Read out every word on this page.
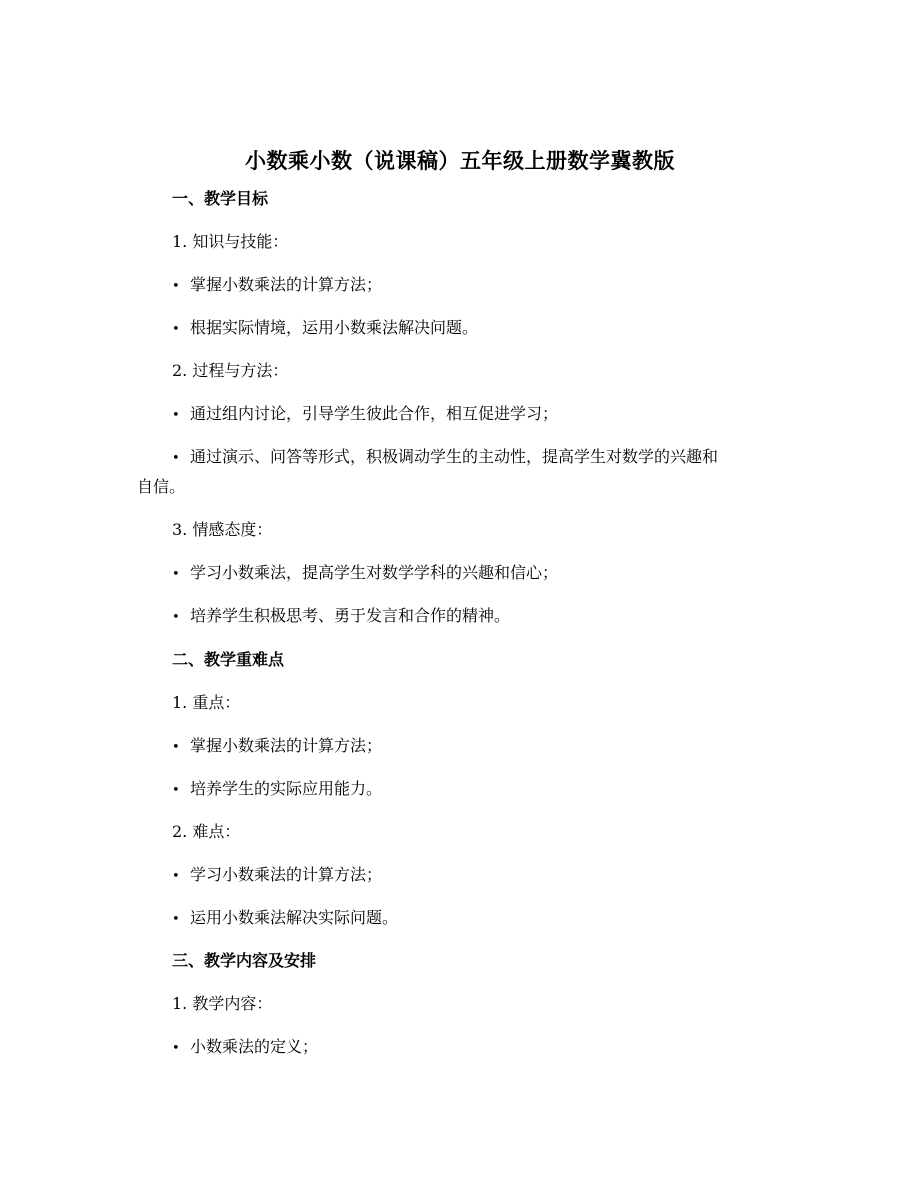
小数乘小数（说课稿）五年级上册数学冀教版
一、教学目标
1. 知识与技能：
• 掌握小数乘法的计算方法；
• 根据实际情境，运用小数乘法解决问题。
2. 过程与方法：
• 通过组内讨论，引导学生彼此合作，相互促进学习；
• 通过演示、问答等形式，积极调动学生的主动性，提高学生对数学的兴趣和
自信。
3. 情感态度：
• 学习小数乘法，提高学生对数学学科的兴趣和信心；
• 培养学生积极思考、勇于发言和合作的精神。
二、教学重难点
1. 重点：
• 掌握小数乘法的计算方法；
• 培养学生的实际应用能力。
2. 难点：
• 学习小数乘法的计算方法；
• 运用小数乘法解决实际问题。
三、教学内容及安排
1. 教学内容：
• 小数乘法的定义；
